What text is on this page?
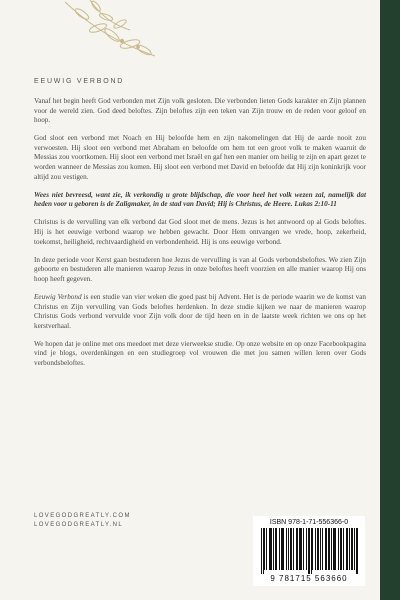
EEUWIG VERBOND

Vanaf het begin heeft God verbonden met Zijn volk gesloten. Die verbonden lieten Gods karakter en Zijn plannen voor de wereld zien. God deed beloftes. Zijn beloftes zijn een teken van Zijn trouw en de reden voor geloof en hoop.

God sloot een verbond met Noach en Hij beloofde hem en zijn nakomelingen dat Hij de aarde nooit zou verwoesten. Hij sloot een verbond met Abraham en beloofde om hem tot een groot volk te maken waaruit de Messias zou voortkomen. Hij sloot een verbond met Israël en gaf hen een manier om heilig te zijn en apart gezet te worden wanneer de Messias zou komen. Hij sloot een verbond met David en beloofde dat Hij zijn koninkrijk voor altijd zou vestigen.

Wees niet bevreesd, want zie, ik verkondig u grote blijdschap, die voor heel het volk wezen zal, namelijk dat heden voor u geboren is de Zaligmaker, in de stad van David; Hij is Christus, de Heere. Lukas 2:10-11

Christus is de vervulling van elk verbond dat God sloot met de mens. Jezus is het antwoord op al Gods beloftes. Hij is het eeuwige verbond waarop we hebben gewacht. Door Hem ontvangen we vrede, hoop, zekerheid, toekomst, heiligheid, rechtvaardigheid en verbondenheid. Hij is ons eeuwige verbond.

In deze periode voor Kerst gaan bestuderen hoe Jezus de vervulling is van al Gods verbondsbeloftes. We zien Zijn geboorte en bestuderen alle manieren waarop Jezus in onze beloftes heeft voorzien en alle manier waarop Hij ons hoop heeft gegeven.

Eeuwig Verbond is een studie van vier weken die goed past bij Advent. Het is de periode waarin we de komst van Christus en Zijn vervulling van Gods beloftes herdenken. In deze studie kijken we naar de manieren waarop Christus Gods verbond vervulde voor Zijn volk door de tijd heen en in de laatste week richten we ons op het kerstverhaal.

We hopen dat je online met ons meedoet met deze vierweekse studie. Op onze website en op onze Facebookpagina vind je blogs, overdenkingen en een studiegroep vol vrouwen die met jou samen willen leren over Gods verbondsbeloftes.

LOVEGODGREATLY.COM
LOVEGODGREATLY.NL	ISBN 978-1-71-556366-0
9 781715 563660
